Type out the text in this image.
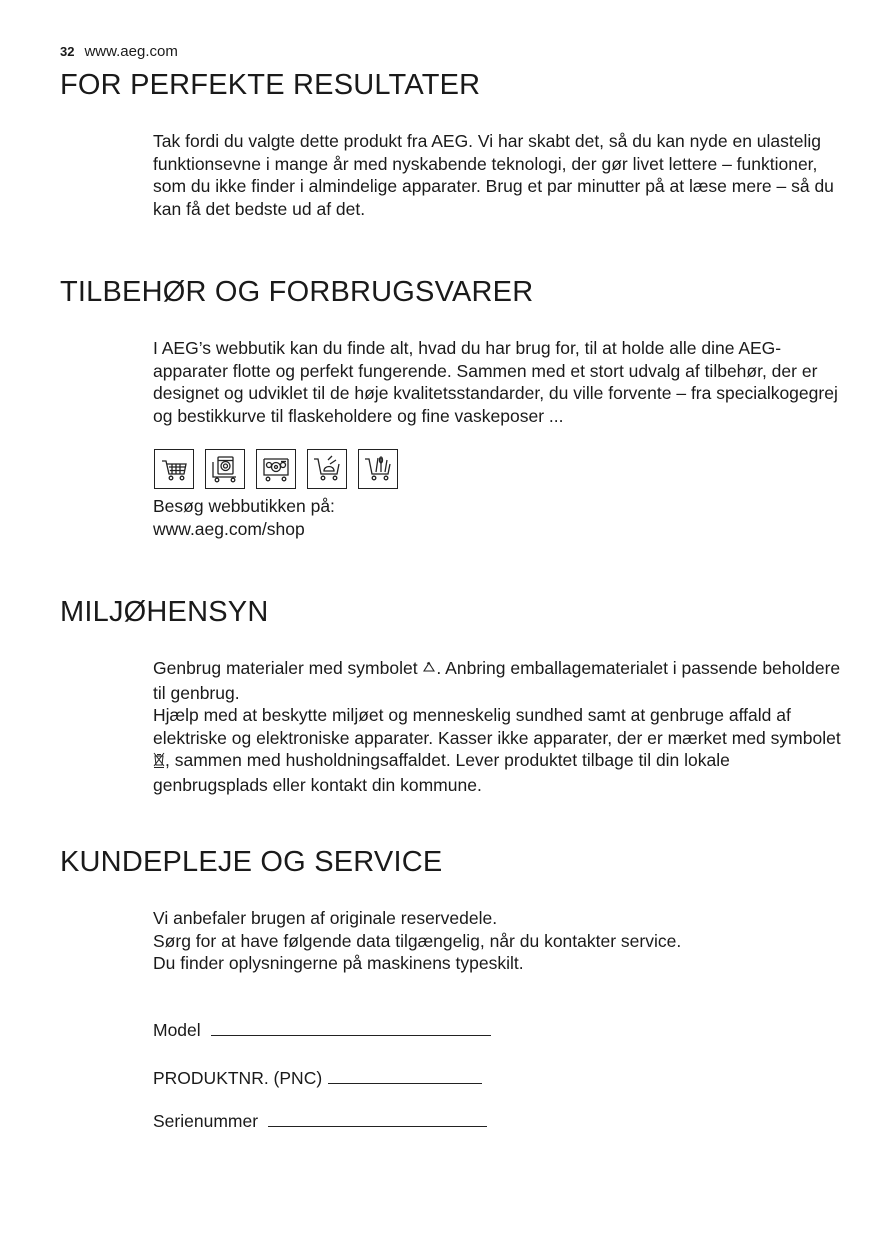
32 www.aeg.com
FOR PERFEKTE RESULTATER

Tak fordi du valgte dette produkt fra AEG. Vi har skabt det, så du kan nyde en ulastelig funktionsevne i mange år med nyskabende teknologi, der gør livet lettere – funktioner, som du ikke finder i almindelige apparater. Brug et par minutter på at læse mere – så du kan få det bedste ud af det.

TILBEHØR OG FORBRUGSVARER

I AEG’s webbutik kan du finde alt, hvad du har brug for, til at holde alle dine AEG-apparater flotte og perfekt fungerende. Sammen med et stort udvalg af tilbehør, der er designet og udviklet til de høje kvalitetsstandarder, du ville forvente – fra specialkogegrej og bestikkurve til flaskeholdere og fine vaskeposer ...

Besøg webbutikken på:

www.aeg.com/shop

MILJØHENSYN

Genbrug materialer med symbolet . Anbring emballagematerialet i passende beholdere til genbrug.

Hjælp med at beskytte miljøet og menneskelig sundhed samt at genbruge affald af elektriske og elektroniske apparater. Kasser ikke apparater, der er mærket med symbolet , sammen med husholdningsaffaldet. Lever produktet tilbage til din lokale genbrugsplads eller kontakt din kommune.

KUNDEPLEJE OG SERVICE

Vi anbefaler brugen af originale reservedele.

Sørg for at have følgende data tilgængelig, når du kontakter service.

Du finder oplysningerne på maskinens typeskilt.

Model
PRODUKTNR. (PNC)
Serienummer
